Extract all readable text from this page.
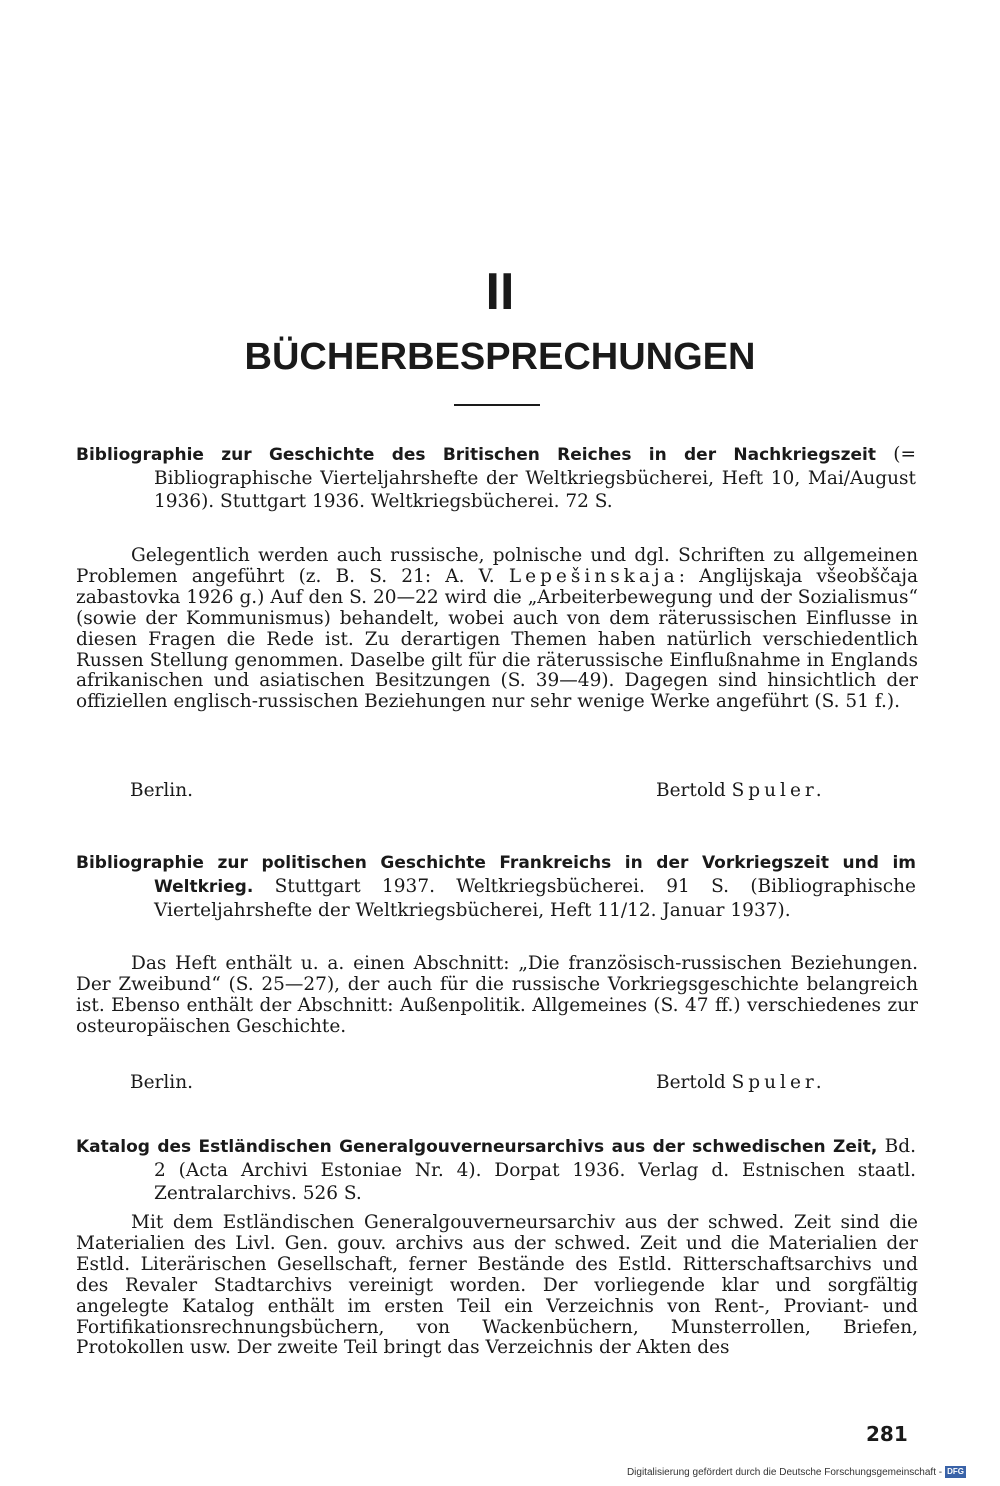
II
BÜCHERBESPRECHUNGEN
Bibliographie zur Geschichte des Britischen Reiches in der Nachkriegszeit (= Bibliographische Vierteljahrshefte der Weltkriegsbücherei, Heft 10, Mai/August 1936). Stuttgart 1936. Weltkriegsbücherei. 72 S.
Gelegentlich werden auch russische, polnische und dgl. Schriften zu allgemeinen Problemen angeführt (z. B. S. 21: A. V. Lepešinskaja: Anglijskaja všeobščaja zabastovka 1926 g.) Auf den S. 20—22 wird die „Arbeiterbewegung und der Sozialismus“ (sowie der Kommunismus) behandelt, wobei auch von dem räterussischen Einflusse in diesen Fragen die Rede ist. Zu derartigen Themen haben natürlich verschiedentlich Russen Stellung genommen. Daselbe gilt für die räterussische Einflußnahme in Englands afrikanischen und asiatischen Besitzungen (S. 39—49). Dagegen sind hinsichtlich der offiziellen englisch-russischen Beziehungen nur sehr wenige Werke angeführt (S. 51 f.).
Berlin.	Bertold Spuler.
Bibliographie zur politischen Geschichte Frankreichs in der Vorkriegszeit und im Weltkrieg. Stuttgart 1937. Weltkriegsbücherei. 91 S. (Bibliographische Vierteljahrshefte der Weltkriegsbücherei, Heft 11/12. Januar 1937).
Das Heft enthält u. a. einen Abschnitt: „Die französisch-russischen Beziehungen. Der Zweibund“ (S. 25—27), der auch für die russische Vorkriegsgeschichte belangreich ist. Ebenso enthält der Abschnitt: Außenpolitik. Allgemeines (S. 47 ff.) verschiedenes zur osteuropäischen Geschichte.
Berlin.	Bertold Spuler.
Katalog des Estländischen Generalgouverneursarchivs aus der schwedischen Zeit, Bd. 2 (Acta Archivi Estoniae Nr. 4). Dorpat 1936. Verlag d. Estnischen staatl. Zentralarchivs. 526 S.
Mit dem Estländischen Generalgouverneursarchiv aus der schwed. Zeit sind die Materialien des Livl. Gen. gouv. archivs aus der schwed. Zeit und die Materialien der Estld. Literärischen Gesellschaft, ferner Bestände des Estld. Ritterschaftsarchivs und des Revaler Stadtarchivs vereinigt worden. Der vorliegende klar und sorgfältig angelegte Katalog enthält im ersten Teil ein Verzeichnis von Rent-, Proviant- und Fortifikationsrechnungsbüchern, von Wackenbüchern, Munsterrollen, Briefen, Protokollen usw. Der zweite Teil bringt das Verzeichnis der Akten des
281
Digitalisierung gefördert durch die Deutsche Forschungsgemeinschaft - DFG
